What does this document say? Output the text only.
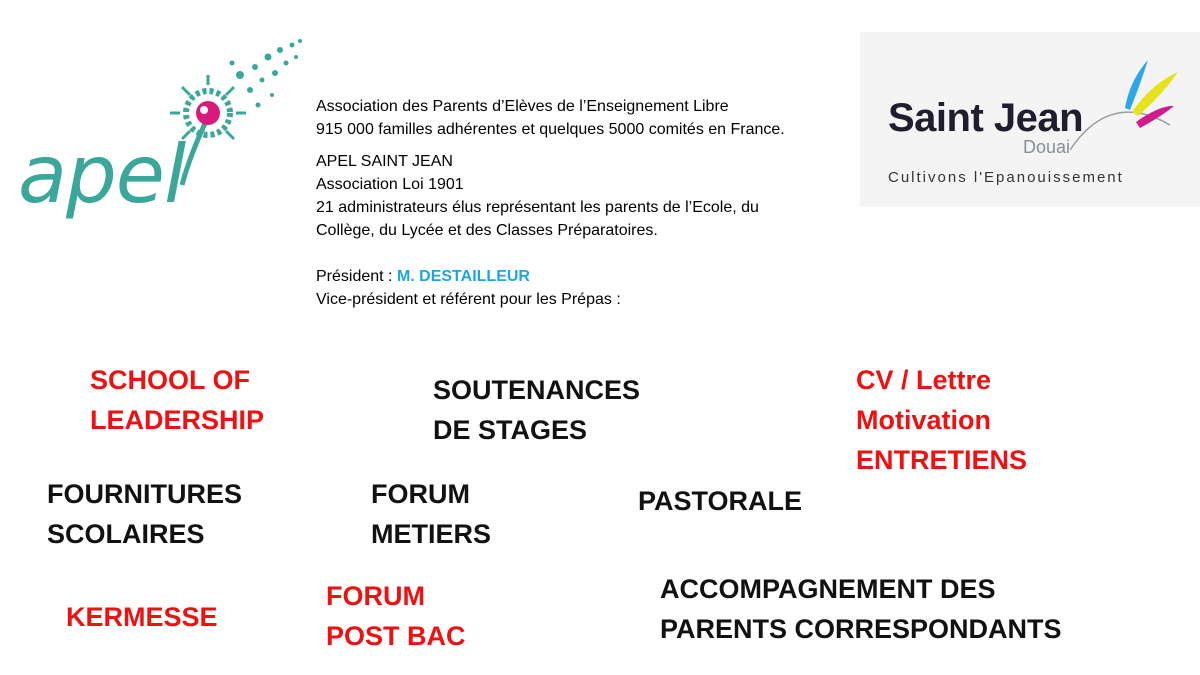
apel

Association des Parents d’Elèves de l’Enseignement Libre

915 000 familles adhérentes et quelques 5000 comités en France.

APEL SAINT JEAN

Association Loi 1901

21 administrateurs élus représentant les parents de l’Ecole, du

Collège, du Lycée et des Classes Préparatoires.

Président : M. DESTAILLEUR

Vice-président et référent pour les Prépas :

Saint Jean
Douai
Cultivons l'Epanouissement
SCHOOL OF
LEADERSHIP
SOUTENANCES
DE STAGES
CV / Lettre
Motivation
ENTRETIENS
FOURNITURES
SCOLAIRES
FORUM
METIERS
PASTORALE
KERMESSE
FORUM
POST BAC
ACCOMPAGNEMENT DES
PARENTS CORRESPONDANTS
